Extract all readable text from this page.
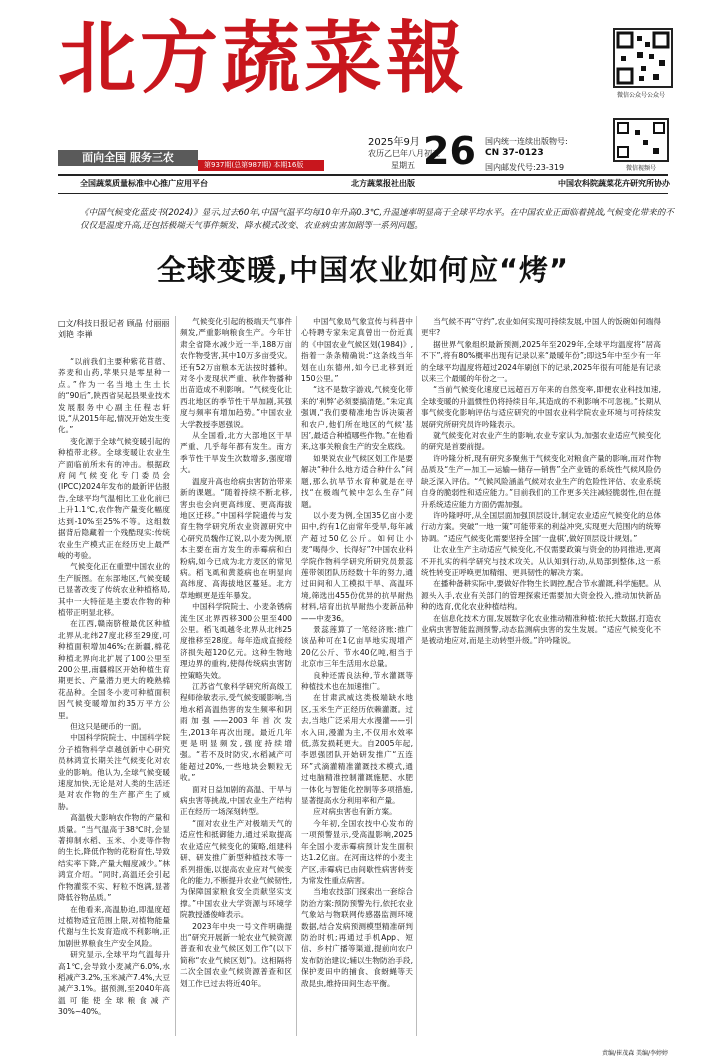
北方蔬菜報
面向全国 服务三农
第937期(总第987期) 本期16版
2025年9月
农历乙巳年八月初五
星期五 26 国内统一连续出版物号:
CN 37-0123
国内邮发代号:23-319
微信公众号公众号
微信视频号
全国蔬菜质量标准中心推广应用平台	北方蔬菜报社出版	中国农科院蔬菜花卉研究所协办
《中国气候变化蓝皮书(2024)》显示,过去60年,中国气温平均每10年升高0.3℃,升温速率明显高于全球平均水平。在中国农业正面临着挑战,气候变化带来的不仅仅是温度升高,还包括极端天气事件频发、降水模式改变、农业病虫害加剧等一系列问题。
全球变暖,中国农业如何应“烤”
□文/科技日报记者 顾晶 付丽丽 刘艳 李禅

“以前我们主要种紫花苜蓿、荞麦和山药,苹果只是零星种一点。”作为一名当地土生土长的“90后”,陕西省吴起县果业技术发展服务中心副主任程志轩说,“从2015年起,情况开始发生变化。”

变化源于全球气候变暖引起的种植带北移。全球变暖让农业生产面临前所未有的冲击。根据政府间气候变化专门委员会(IPCC)2024年发布的最新评估报告,全球平均气温相比工业化前已上升1.1℃,农作物产量变化幅度达到-10%至25%不等。这组数据背后隐藏着一个残酷现实:传统农业生产模式正在经历史上最严峻的考验。

气候变化正在重塑中国农业的生产版图。在东部地区,气候变暖已显著改变了传统农业种植格局,其中一大特征是主要农作物的种植带正明显北移。

在江西,赣南脐橙最优区种植北界从北纬27度北移至29度,可种植面积增加46%;在新疆,棉花种植北界向北扩展了100公里至200公里,南疆棉区开始种植生育期更长、产量潜力更大的晚熟棉花品种。全国冬小麦可种植面积因气候变暖增加约35万平方公里。

但这只是硬币的一面。

中国科学院院士、中国科学院分子植物科学卓越创新中心研究员林鸿宣长期关注气候变化对农业的影响。他认为,全球气候变暖速度加快,无论是对人类的生活还是对农作物的生产都产生了威胁。

高温极大影响农作物的产量和质量。“当气温高于38℃时,会显著抑制水稻、玉米、小麦等作物的生长,降低作物的花粉育性,导致结实率下降,产量大幅度减少。”林鸿宣介绍。“同时,高温还会引起作物灌浆不实、籽粒不饱满,显著降低谷物品质。”

在他看来,高温胁迫,即温度超过植物适宜范围上限,对植物能量代谢与生长发育造成不利影响,正加剧世界粮食生产安全风险。

研究显示,全球平均气温每升高1℃,会导致小麦减产6.0%,水稻减产3.2%,玉米减产7.4%,大豆减产3.1%。据预测,至2040年高温可能使全球粮食减产30%~40%。

气候变化引起的极端天气事件频发,严重影响粮食生产。今年甘肃全省降水减少近一半,188万亩农作物受害,其中10万多亩受灾。还有52万亩粮本无法按时播种。对冬小麦现状严重、秋作物播种出苗造成不利影响。“气候变化让西北地区的季节性干旱加剧,其强度与频率有增加趋势。”中国农业大学教授李恩强说。

从全国看,北方大部地区干旱严重、几乎每年都有发生。南方季节性干旱发生次数增多,强度增大。

温度升高也给病虫害防治带来新的课题。“随着持续不断北移,害虫也会向更高纬度、更高海拔地区迁移。”中国科学院遗传与发育生物学研究所农业资源研究中心研究员魏作辽说,以小麦为例,原本主要在南方发生的赤霉病和白粉病,如今已成为北方麦区的常见病。稻飞虱和黄菱病也在明显向高纬度、高海拔地区蔓延。北方草地螟更是连年暴发。

中国科学院院士、小麦条锈病流生区北界西移300公里至400公里。稻飞虱越冬北界从北纬25度推移至28度。每年造成直接经济损失超120亿元。这种生物地理边界的重构,使得传统病虫害防控策略失效。

江苏省气象科学研究所高级工程师徐敏表示,受气候变暖影响,当地水稻高温热害的发生频率和阴雨加强——2003年首次发生,2013年再次出现。最近几年更是明显频发,强度持续增强。“若不及时防灾,水稻减产可能超过20%,一些地块会颗粒无收。”

面对日益加剧的高温、干旱与病虫害等挑战,中国农业生产结构正在经历一场深刻转型。

“面对农业生产对极端天气的适应性和抵御能力,通过采取提高农业适应气候变化的策略,组建科研、研发推广新型种植技术等一系列措施,以提高农业应对气候变化的能力,不断提升农业气候韧性,为保障国家粮食安全贡献坚实支撑。”中国农业大学资源与环境学院教授潘俊峰表示。

2023年中央一号文件明确提出“研究开展新一轮农业气候资源普查和农业气候区划工作”(以下简称“农业气候区划”)。这相隔将二次全国农业气候资源普查和区划工作已过去将近40年。

中国气象局气象宣传与科普中心特聘专家朱定真曾出一份近真的《中国农业气候区划(1984)》,指着一条条精确说:“这条线当年划在山东德州,如今已北移到近150公里。”

“这不是数字游戏,气候变化带来的‘利弊’必须要搞清楚。”朱定真强调,“我们要精准地告诉决策者和农户,他们所在地区的气候‘基因’,最适合种植哪些作物。”在他看来,这事关粮食生产的安全底线。

如果说农业气候区划工作是要解决“种什么地方适合种什么”问题,那么抗旱节水育种就是在寻找“在极端气候中怎么生存”问题。

以小麦为例,全国35亿亩小麦田中,约有1亿亩常年受旱,每年减产超过50亿公斤。如何让小麦“喝得少、长得好”?中国农业科学院作物科学研究所研究员景蕊莲带领团队历经数十年的努力,通过田间和人工模拟干旱、高温环境,筛选出455份优异的抗旱耐热材料,培育出抗旱耐热小麦新品种——中麦36。

景蕊莲算了一笔经济账:推广该品种可在1亿亩旱地实现增产20亿公斤、节水40亿吨,相当于北京市三年生活用水总量。

良种还需良法种,节水灌溉等种植技术也在加速推广。

在甘肃武威这类极端缺水地区,玉米生产正经历依赖灌溉。过去,当地广泛采用大水漫灌——引水入田,漫灌为主,不仅用水效率低,蒸发损耗更大。自2005年起,李恩强团队开始研发推广“五连环”式滴灌精准灌溉技术模式,通过电脑精准控制灌溉施肥、水肥一体化与智能化控制等多项措施,显著提高水分利用率和产量。

应对病虫害也有新方案。

今年初,全国农技中心发布的一项预警显示,受高温影响,2025年全国小麦赤霉病预计发生面积达1.2亿亩。在河南这样的小麦主产区,赤霉病已由间歇性病害转变为常发性重点病害。

当地农技部门探索出一套综合防治方案:预防预警先行,依托农业气象站与物联网传感器监测环境数据,结合发病预测模型精准研判防治时机;再通过手机App、短信、乡村广播等渠道,提前向农户发布防治建议;辅以生物防治手段,保护麦田中的捕食、食蚜蝇等天敌昆虫,维持田间生态平衡。

当气候不再“守约”,农业如何实现可持续发展,中国人的饭碗如何端得更牢?

据世界气象组织最新预测,2025年至2029年,全球平均温度将“居高不下”,将有80%概率出现有记录以来“最暖年份”;即这5年中至少有一年的全球平均温度将超过2024年刷创下的记录,2025年很有可能是有记录以来三个最暖的年份之一。

“当前气候变化速度已远超百万年来的自然变率,即便农业科技加速,全球变暖的升温惯性仍将持续目年,其造成的不利影响不可忽视。”长期从事气候变化影响评估与适应研究的中国农业科学院农业环境与可持续发展研究所研究员许吟隆表示。

就气候变化对农业产生的影响,农业专家认为,加强农业适应气候变化的研究是首要前提。

许吟隆分析,现有研究多聚焦于气候变化对粮食产量的影响,而对作物品质及“生产—加工—运输—储存—销售”全产业链的系统性气候风险仍缺乏深入评估。“气候风险涵盖气候对农业生产的危险性评估、农业系统自身的脆弱性和适应能力。”目前我们的工作更多关注减轻脆弱性,但在提升系统适应能力方面仍需加强。

许吟隆呼吁,从全国层面加强顶层设计,制定农业适应气候变化的总体行动方案。突破“一地一策”可能带来的利益冲突,实现更大范围内的统筹协调。“适应气候变化需要坚持全国‘一盘棋’,做好顶层设计规划。”

让农业生产主动适应气候变化,不仅需要政策与资金的协同推进,更离不开扎实的科学研究与技术攻关。从认知到行动,从局部到整体,这一系统性转变正呼唤更加精细、更具韧性的解决方案。

在播种备耕实际中,要做好作物生长调控,配合节水灌溉,科学施肥。从源头入手,农业有关部门的管理探索还需要加大资金投入,推动加快新品种的选育,优化农业种植结构。

在信息化技术方面,发展数字化农业推动精准种植:依托大数据,打造农业病虫害智能监测预警,动态监测病虫害的发生发展。“适应气候变化不是被动地应对,而是主动转型升级。”许吟隆说。

责编/崔茂森 美编/李婷婷
